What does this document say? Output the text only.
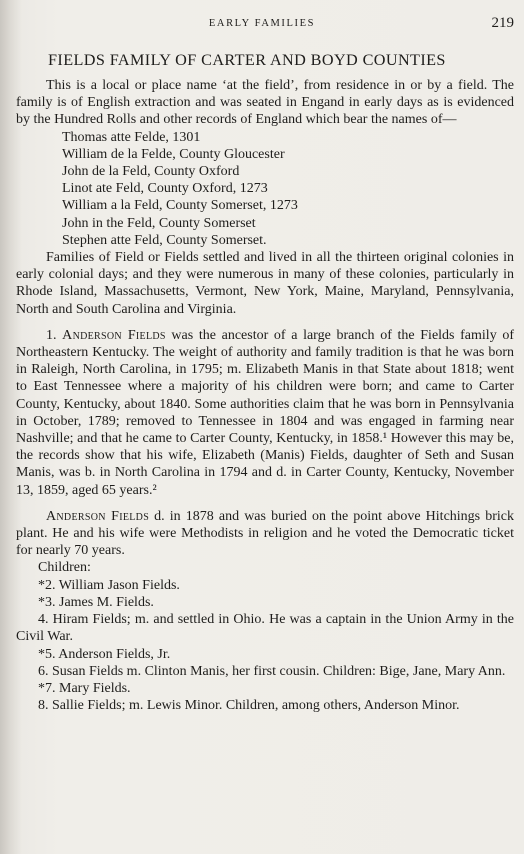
EARLY FAMILIES	219
FIELDS FAMILY OF CARTER AND BOYD COUNTIES

This is a local or place name ‘at the field’, from residence in or by a field. The family is of English extraction and was seated in Engand in early days as is evidenced by the Hundred Rolls and other records of England which bear the names of—

Thomas atte Felde, 1301
William de la Felde, County Gloucester
John de la Feld, County Oxford
Linot ate Feld, County Oxford, 1273
William a la Feld, County Somerset, 1273
John in the Feld, County Somerset
Stephen atte Feld, County Somerset.

Families of Field or Fields settled and lived in all the thirteen original colonies in early colonial days; and they were numerous in many of these colonies, particularly in Rhode Island, Massachusetts, Vermont, New York, Maine, Maryland, Pennsylvania, North and South Carolina and Virginia.

1. Anderson Fields was the ancestor of a large branch of the Fields family of Northeastern Kentucky. The weight of authority and family tradition is that he was born in Raleigh, North Carolina, in 1795; m. Elizabeth Manis in that State about 1818; went to East Tennessee where a majority of his children were born; and came to Carter County, Kentucky, about 1840. Some authorities claim that he was born in Pennsylvania in October, 1789; removed to Tennessee in 1804 and was engaged in farming near Nashville; and that he came to Carter County, Kentucky, in 1858.¹ However this may be, the records show that his wife, Elizabeth (Manis) Fields, daughter of Seth and Susan Manis, was b. in North Carolina in 1794 and d. in Carter County, Kentucky, November 13, 1859, aged 65 years.²

Anderson Fields d. in 1878 and was buried on the point above Hitchings brick plant. He and his wife were Methodists in religion and he voted the Democratic ticket for nearly 70 years.

Children:
*2. William Jason Fields.
*3. James M. Fields.

4. Hiram Fields; m. and settled in Ohio. He was a captain in the Union Army in the Civil War.

*5. Anderson Fields, Jr.

6. Susan Fields m. Clinton Manis, her first cousin. Children: Bige, Jane, Mary Ann.

*7. Mary Fields.

8. Sallie Fields; m. Lewis Minor. Children, among others, Anderson Minor.
